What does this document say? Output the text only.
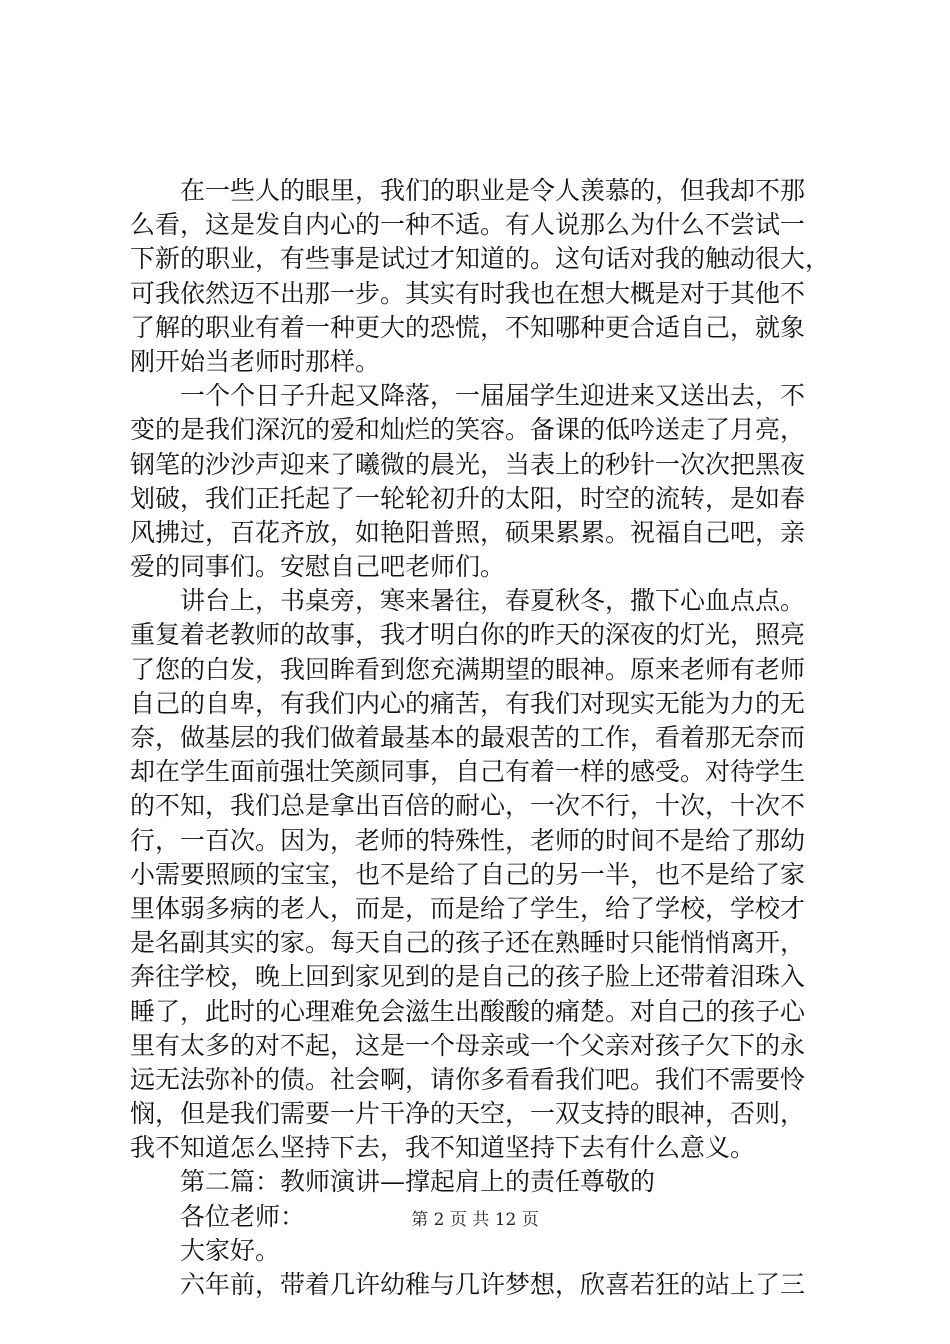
在一些人的眼里，我们的职业是令人羡慕的，但我却不那
么看，这是发自内心的一种不适。有人说那么为什么不尝试一
下新的职业，有些事是试过才知道的。这句话对我的触动很大，
可我依然迈不出那一步。其实有时我也在想大概是对于其他不
了解的职业有着一种更大的恐慌，不知哪种更合适自己，就象
刚开始当老师时那样。
一个个日子升起又降落，一届届学生迎进来又送出去，不
变的是我们深沉的爱和灿烂的笑容。备课的低吟送走了月亮，
钢笔的沙沙声迎来了曦微的晨光，当表上的秒针一次次把黑夜
划破，我们正托起了一轮轮初升的太阳，时空的流转，是如春
风拂过，百花齐放，如艳阳普照，硕果累累。祝福自己吧，亲
爱的同事们。安慰自己吧老师们。
讲台上，书桌旁，寒来暑往，春夏秋冬，撒下心血点点。
重复着老教师的故事，我才明白你的昨天的深夜的灯光，照亮
了您的白发，我回眸看到您充满期望的眼神。原来老师有老师
自己的自卑，有我们内心的痛苦，有我们对现实无能为力的无
奈，做基层的我们做着最基本的最艰苦的工作，看着那无奈而
却在学生面前强壮笑颜同事，自己有着一样的感受。对待学生
的不知，我们总是拿出百倍的耐心，一次不行，十次，十次不
行，一百次。因为，老师的特殊性，老师的时间不是给了那幼
小需要照顾的宝宝，也不是给了自己的另一半，也不是给了家
里体弱多病的老人，而是，而是给了学生，给了学校，学校才
是名副其实的家。每天自己的孩子还在熟睡时只能悄悄离开，
奔往学校，晚上回到家见到的是自己的孩子脸上还带着泪珠入
睡了，此时的心理难免会滋生出酸酸的痛楚。对自己的孩子心
里有太多的对不起，这是一个母亲或一个父亲对孩子欠下的永
远无法弥补的债。社会啊，请你多看看我们吧。我们不需要怜
悯，但是我们需要一片干净的天空，一双支持的眼神，否则，
我不知道怎么坚持下去，我不知道坚持下去有什么意义。
第二篇：教师演讲—撑起肩上的责任尊敬的
各位老师：
大家好。
六年前，带着几许幼稚与几许梦想，欣喜若狂的站上了三
第 2 页 共 12 页
